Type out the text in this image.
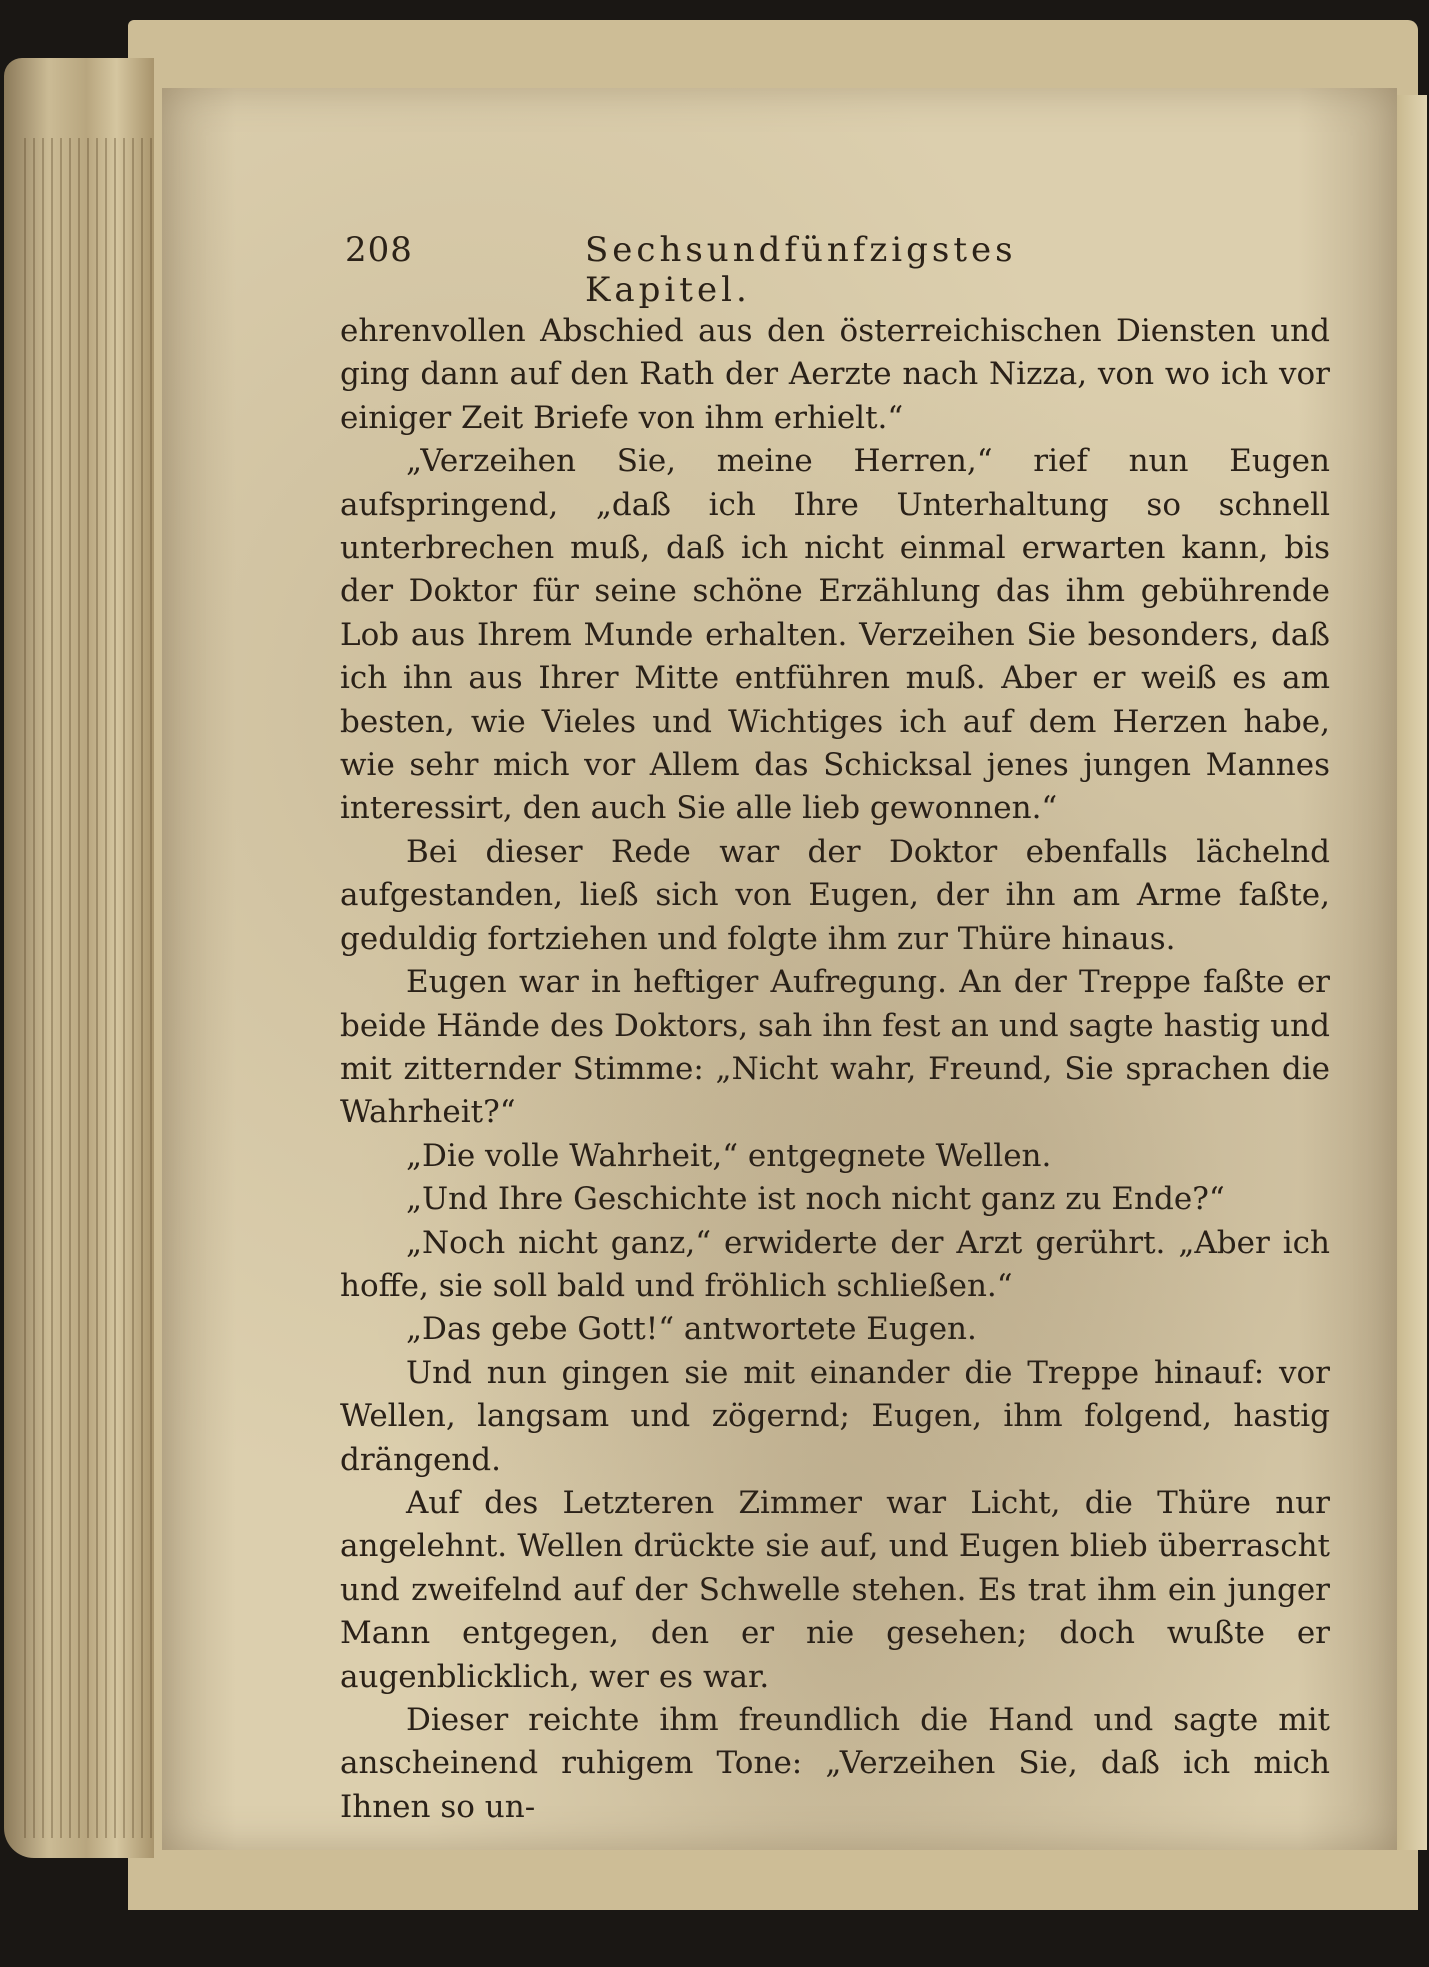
208	Sechsundfünfzigstes Kapitel.

ehrenvollen Abschied aus den österreichischen Diensten und ging dann auf den Rath der Aerzte nach Nizza, von wo ich vor einiger Zeit Briefe von ihm erhielt.“

„Verzeihen Sie, meine Herren,“ rief nun Eugen aufspringend, „daß ich Ihre Unterhaltung so schnell unterbrechen muß, daß ich nicht einmal erwarten kann, bis der Doktor für seine schöne Erzählung das ihm gebührende Lob aus Ihrem Munde erhalten. Verzeihen Sie besonders, daß ich ihn aus Ihrer Mitte entführen muß. Aber er weiß es am besten, wie Vieles und Wichtiges ich auf dem Herzen habe, wie sehr mich vor Allem das Schicksal jenes jungen Mannes interessirt, den auch Sie alle lieb gewonnen.“

Bei dieser Rede war der Doktor ebenfalls lächelnd aufgestanden, ließ sich von Eugen, der ihn am Arme faßte, geduldig fortziehen und folgte ihm zur Thüre hinaus.

Eugen war in heftiger Aufregung. An der Treppe faßte er beide Hände des Doktors, sah ihn fest an und sagte hastig und mit zitternder Stimme: „Nicht wahr, Freund, Sie sprachen die Wahrheit?“

„Die volle Wahrheit,“ entgegnete Wellen.

„Und Ihre Geschichte ist noch nicht ganz zu Ende?“

„Noch nicht ganz,“ erwiderte der Arzt gerührt. „Aber ich hoffe, sie soll bald und fröhlich schließen.“

„Das gebe Gott!“ antwortete Eugen.

Und nun gingen sie mit einander die Treppe hinauf: vor Wellen, langsam und zögernd; Eugen, ihm folgend, hastig drängend.

Auf des Letzteren Zimmer war Licht, die Thüre nur angelehnt. Wellen drückte sie auf, und Eugen blieb überrascht und zweifelnd auf der Schwelle stehen. Es trat ihm ein junger Mann entgegen, den er nie gesehen; doch wußte er augenblicklich, wer es war.

Dieser reichte ihm freundlich die Hand und sagte mit anscheinend ruhigem Tone: „Verzeihen Sie, daß ich mich Ihnen so un-
